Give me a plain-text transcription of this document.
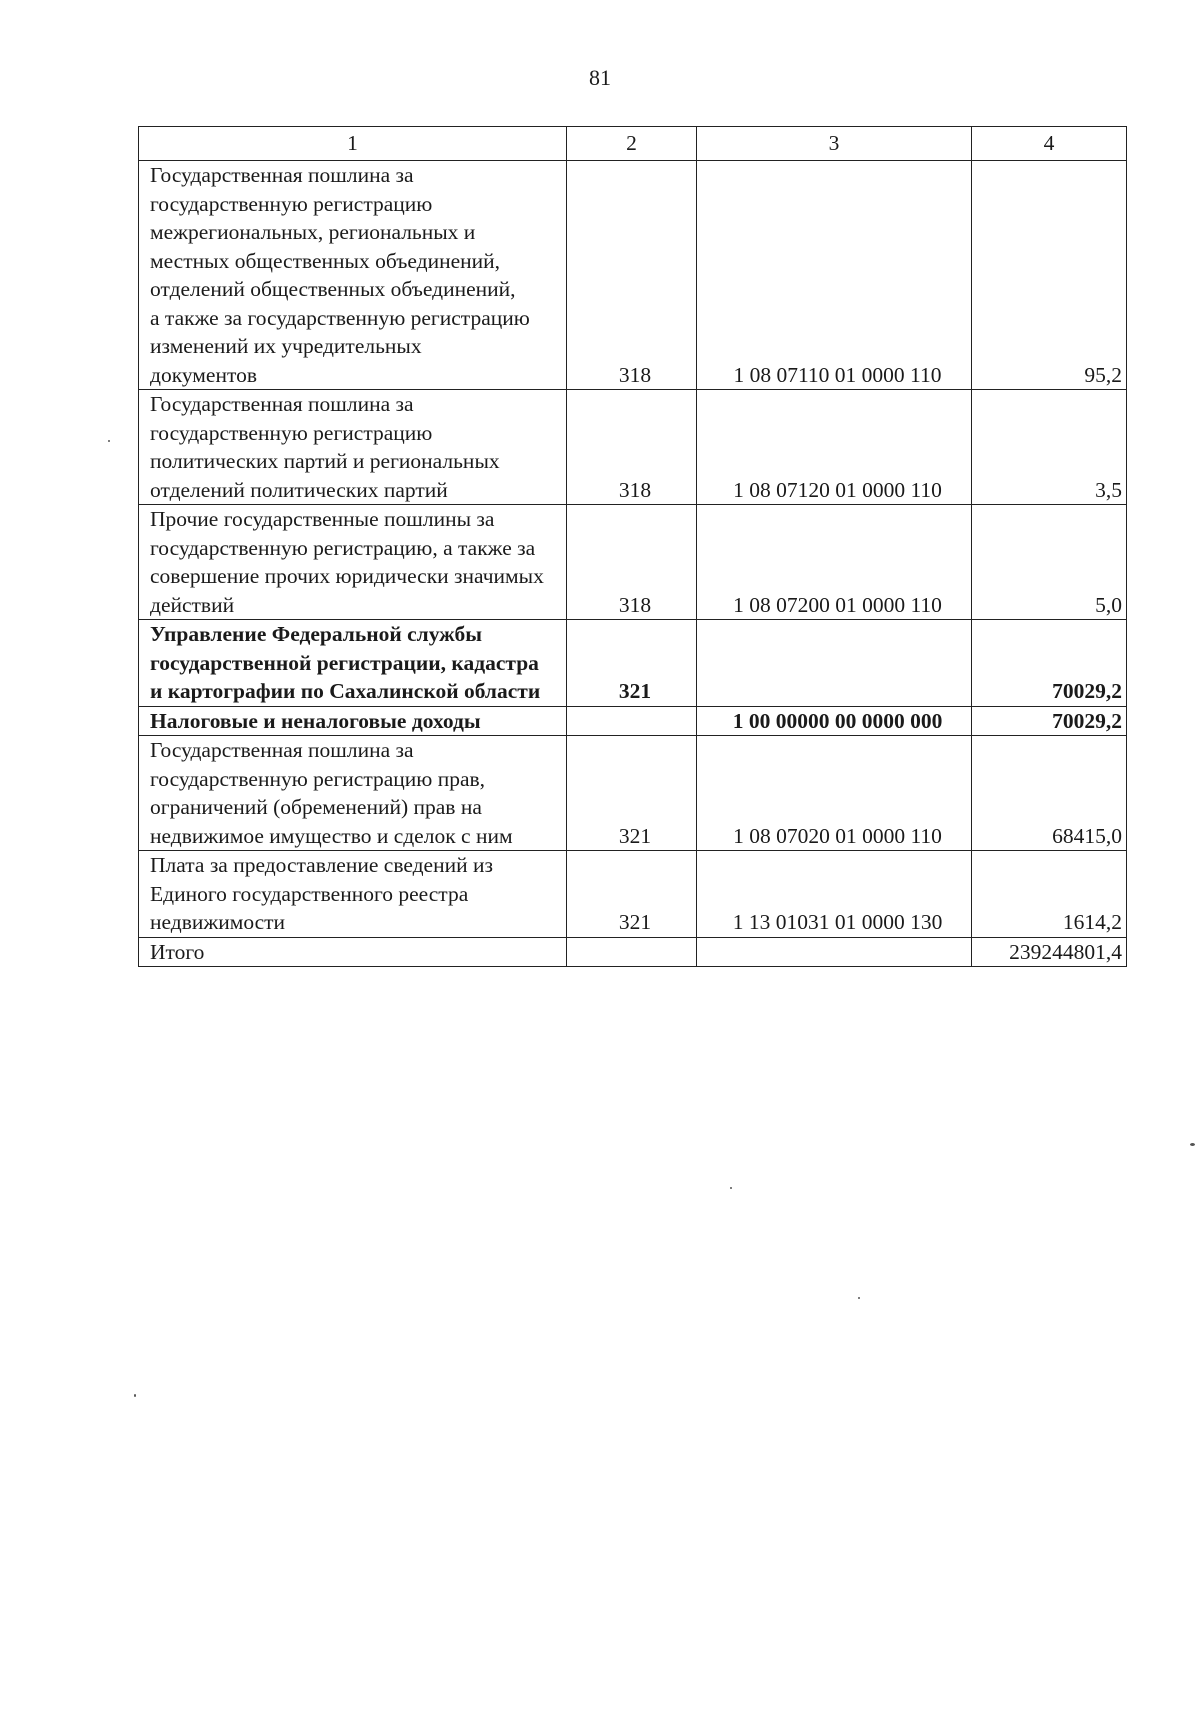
81
1	2	3	4

Государственная пошлина за государственную регистрацию межрегиональных, региональных и местных общественных объединений, отделений общественных объединений, а также за государственную регистрацию изменений их учредительных документов	318	1 08 07110 01 0000 110	95,2

Государственная пошлина за государственную регистрацию политических партий и региональных отделений политических партий	318	1 08 07120 01 0000 110	3,5

Прочие государственные пошлины за государственную регистрацию, а также за совершение прочих юридически значимых действий	318	1 08 07200 01 0000 110	5,0

Управление Федеральной службы государственной регистрации, кадастра и картографии по Сахалинской области	321		70029,2

Налоговые и неналоговые доходы		1 00 00000 00 0000 000	70029,2

Государственная пошлина за государственную регистрацию прав, ограничений (обременений) прав на недвижимое имущество и сделок с ним	321	1 08 07020 01 0000 110	68415,0

Плата за предоставление сведений из Единого государственного реестра недвижимости	321	1 13 01031 01 0000 130	1614,2

Итого			239244801,4
